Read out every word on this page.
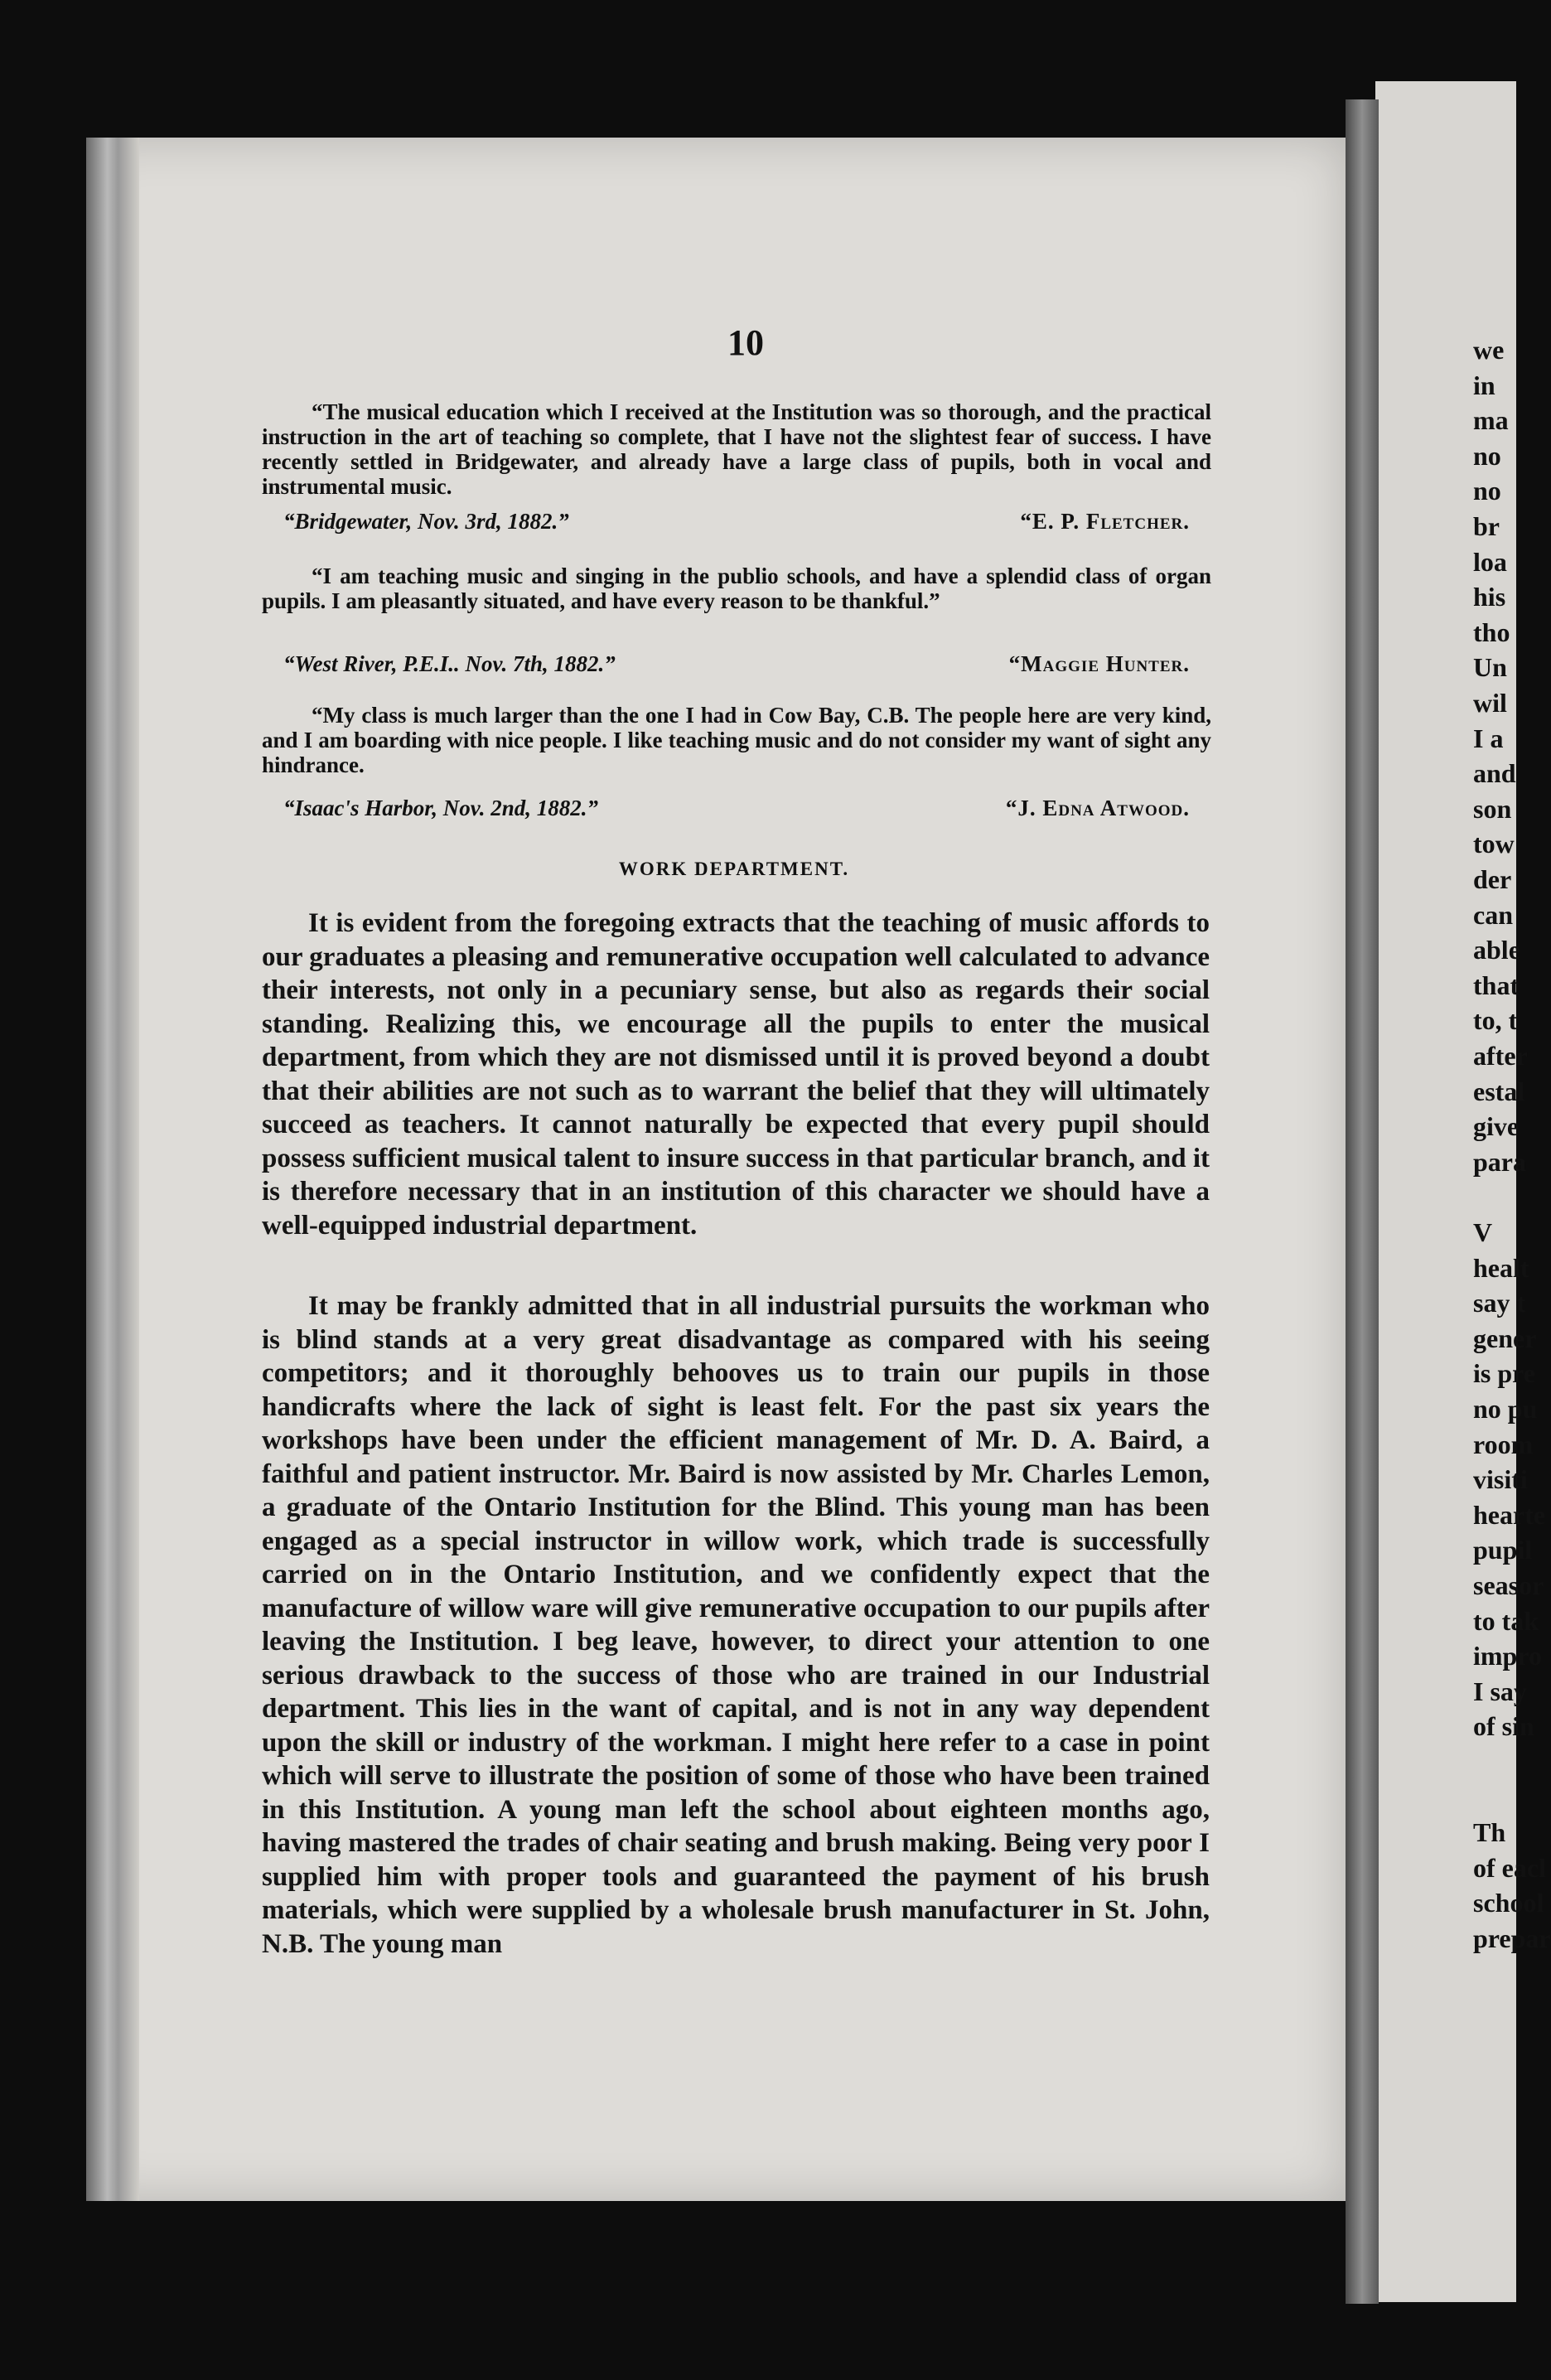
we
in
ma
no
no
br
loa
his
tho
Un
wil
I a
and
son
tow
der
can
able
that
to, t
after
estal
give
para
V
healt
say t
gener
is pre
no pu
room
visiti
hearte
pupil
seasor
to tak
impro
I say
of sin
Th
of eacl
school
prepar
10

“The musical education which I received at the Institution was so thorough, and the practical instruction in the art of teaching so complete, that I have not the slightest fear of success. I have recently settled in Bridgewater, and already have a large class of pupils, both in vocal and instrumental music.

“Bridgewater, Nov. 3rd, 1882.”	“E. P. Fletcher.

“I am teaching music and singing in the publio schools, and have a splendid class of organ pupils. I am pleasantly situated, and have every reason to be thankful.”

“West River, P.E.I.. Nov. 7th, 1882.”	“Maggie Hunter.

“My class is much larger than the one I had in Cow Bay, C.B. The people here are very kind, and I am boarding with nice people. I like teaching music and do not consider my want of sight any hindrance.

“Isaac's Harbor, Nov. 2nd, 1882.”	“J. Edna Atwood.
WORK DEPARTMENT.

It is evident from the foregoing extracts that the teaching of music affords to our graduates a pleasing and remunerative occupation well calculated to advance their interests, not only in a pecuniary sense, but also as regards their social standing. Realizing this, we encourage all the pupils to enter the musical department, from which they are not dismissed until it is proved beyond a doubt that their abilities are not such as to warrant the belief that they will ultimately succeed as teachers. It cannot naturally be expected that every pupil should possess sufficient musical talent to insure success in that particular branch, and it is therefore necessary that in an institution of this character we should have a well-equipped industrial department.

It may be frankly admitted that in all industrial pursuits the workman who is blind stands at a very great disadvantage as compared with his seeing competitors; and it thoroughly behooves us to train our pupils in those handicrafts where the lack of sight is least felt. For the past six years the workshops have been under the efficient management of Mr. D. A. Baird, a faithful and patient instructor. Mr. Baird is now assisted by Mr. Charles Lemon, a graduate of the Ontario Institution for the Blind. This young man has been engaged as a special instructor in willow work, which trade is successfully carried on in the Ontario Institution, and we confidently expect that the manufacture of willow ware will give remunerative occupation to our pupils after leaving the Institution. I beg leave, however, to direct your attention to one serious drawback to the success of those who are trained in our Industrial department. This lies in the want of capital, and is not in any way dependent upon the skill or industry of the workman. I might here refer to a case in point which will serve to illustrate the position of some of those who have been trained in this Institution. A young man left the school about eighteen months ago, having mastered the trades of chair seating and brush making. Being very poor I supplied him with proper tools and guaranteed the payment of his brush materials, which were supplied by a wholesale brush manufacturer in St. John, N.B. The young man
